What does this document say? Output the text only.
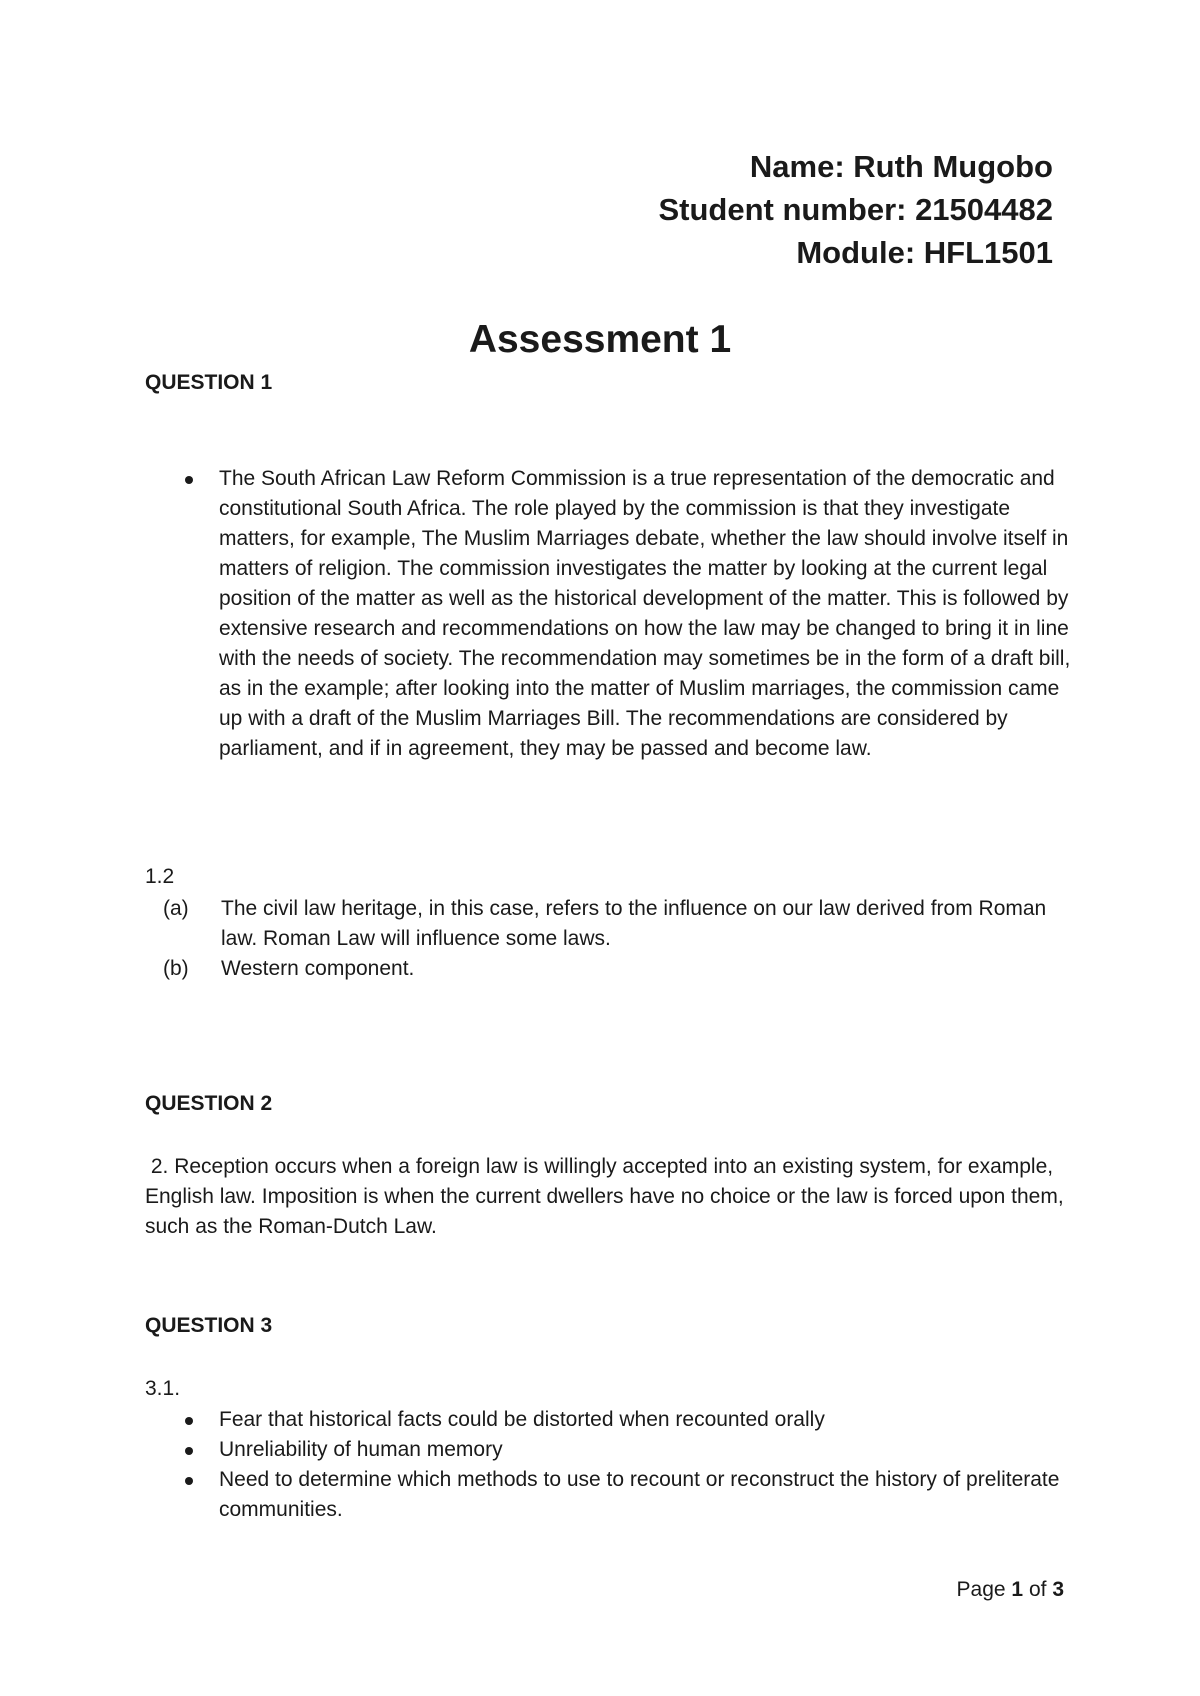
Name: Ruth Mugobo
Student number: 21504482
Module: HFL1501
Assessment 1
QUESTION 1
The South African Law Reform Commission is a true representation of the democratic and constitutional South Africa. The role played by the commission is that they investigate matters, for example, The Muslim Marriages debate, whether the law should involve itself in matters of religion. The commission investigates the matter by looking at the current legal position of the matter as well as the historical development of the matter. This is followed by extensive research and recommendations on how the law may be changed to bring it in line with the needs of society. The recommendation may sometimes be in the form of a draft bill, as in the example; after looking into the matter of Muslim marriages, the commission came up with a draft of the Muslim Marriages Bill. The recommendations are considered by parliament, and if in agreement, they may be passed and become law.
1.2
(a) The civil law heritage, in this case, refers to the influence on our law derived from Roman law. Roman Law will influence some laws.
(b) Western component.
QUESTION 2
2. Reception occurs when a foreign law is willingly accepted into an existing system, for example, English law. Imposition is when the current dwellers have no choice or the law is forced upon them, such as the Roman-Dutch Law.
QUESTION 3
3.1.
Fear that historical facts could be distorted when recounted orally
Unreliability of human memory
Need to determine which methods to use to recount or reconstruct the history of preliterate communities.
Page 1 of 3
